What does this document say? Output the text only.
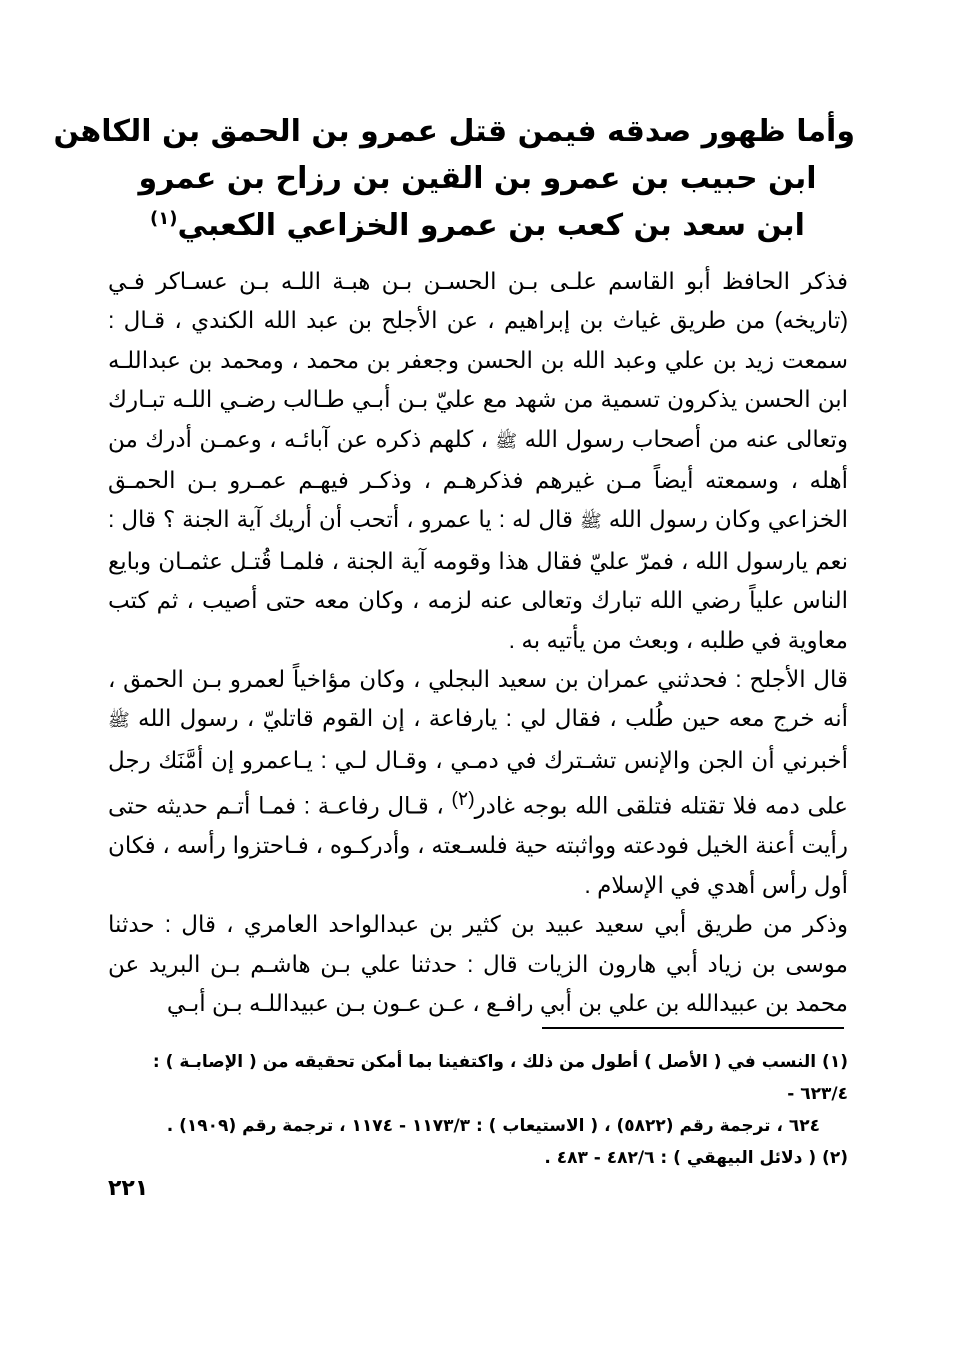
وأما ظهور صدقه فيمن قتل عمرو بن الحمق بن الكاهن
ابن حبيب بن عمرو بن القين بن رزاح بن عمرو
ابن سعد بن كعب بن عمرو الخزاعي الكعبي$^{(١)}$

فذكر الحافظ أبو القاسم علـى بـن الحسـن بـن هبـة اللـه بـن عسـاكر فـي (تاريخه) من طريق غياث بن إبراهيم ، عن الأجلح بن عبد الله الكندي ، قـال : سمعت زيد بن علي وعبد الله بن الحسن وجعفر بن محمد ، ومحمد بن عبداللـه ابن الحسن يذكرون تسمية من شهد مع عليّ بـن أبـي طـالب رضـي اللـه تبـارك وتعالى عنه من أصحاب رسول الله ﷺ ، كلهم ذكره عن آبائـه ، وعمـن أدرك من أهله ، وسمعته أيضاً مـن غيرهم فذكرهـم ، وذكـر فيهـم عمـرو بـن الحمـق الخزاعي وكان رسول الله ﷺ قال له : يا عمرو ، أتحب أن أريك آية الجنة ؟ قال : نعم يارسول الله ، فمرّ عليّ فقال هذا وقومه آية الجنة ، فلمـا قُتـل عثمـان وبايع الناس علياً رضي الله تبارك وتعالى عنه لزمه ، وكان معه حتى أصيب ، ثم كتب معاوية في طلبه ، وبعث من يأتيه به .

قال الأجلح : فحدثني عمران بن سعيد البجلي ، وكان مؤاخياً لعمرو بـن الحمق ، أنه خرج معه حين طُلب ، فقال لي : يارفاعة ، إن القوم قاتليّ ، رسول الله ﷺ أخبرني أن الجن والإنس تشـترك في دمـي ، وقـال لـي : يـاعمرو إن أمَّنَك رجل على دمه فلا تقتله فتلقى الله بوجه غادر$^{(٢)}$ ، قـال رفاعـة : فمـا أتـم حديثه حتى رأيت أعنة الخيل فودعته وواثبته حية فلسـعته ، وأدركـوه ، فـاحتزوا رأسه ، فكان أول رأس أهدي في الإسلام .

وذكر من طريق أبي سعيد عبيد بن كثير بن عبدالواحد العامري ، قال : حدثنا موسى بن زياد أبي هارون الزيات قال : حدثنا علي بـن هاشـم بـن البريد عن محمد بن عبيدالله بن علي بن أبي رافـع ، عـن عـون بـن عبيداللـه بـن أبـي

(١) النسب في ( الأصل ) أطول من ذلك ، واكتفينا بما أمكن تحقيقه من ( الإصابـة ) : ٦٢٣/٤ -
٦٢٤ ، ترجمة رقم (٥٨٢٢) ، ( الاستيعاب ) : ١١٧٣/٣ - ١١٧٤ ، ترجمة رقم (١٩٠٩) .

(٢) ( دلائل البيهقي ) : ٤٨٢/٦ - ٤٨٣ .

٢٢١
